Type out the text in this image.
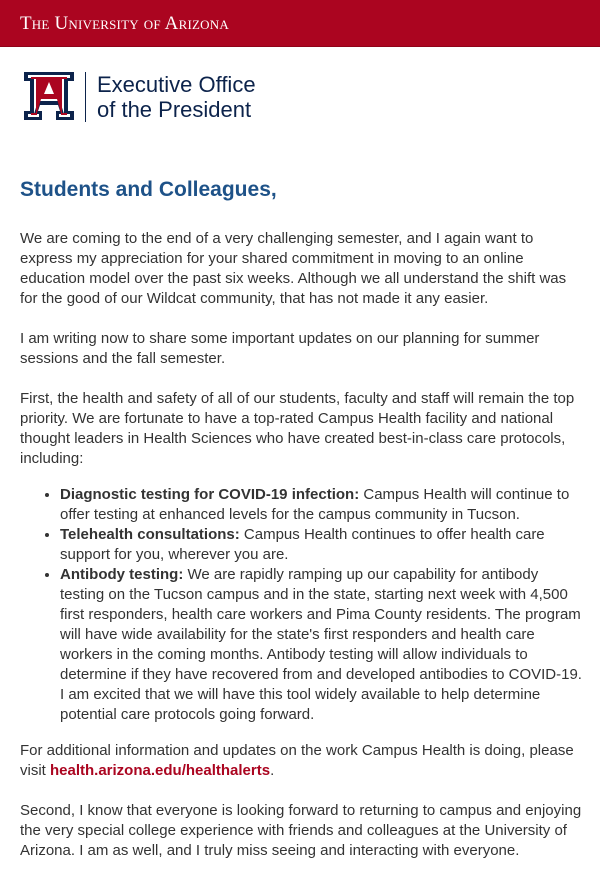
The University of Arizona
Executive Office
of the President
Students and Colleagues,

We are coming to the end of a very challenging semester, and I again want to express my appreciation for your shared commitment in moving to an online education model over the past six weeks. Although we all understand the shift was for the good of our Wildcat community, that has not made it any easier.

I am writing now to share some important updates on our planning for summer sessions and the fall semester.

First, the health and safety of all of our students, faculty and staff will remain the top priority. We are fortunate to have a top-rated Campus Health facility and national thought leaders in Health Sciences who have created best-in-class care protocols, including:

• Diagnostic testing for COVID-19 infection: Campus Health will continue to offer testing at enhanced levels for the campus community in Tucson.
• Telehealth consultations: Campus Health continues to offer health care support for you, wherever you are.
• Antibody testing: We are rapidly ramping up our capability for antibody testing on the Tucson campus and in the state, starting next week with 4,500 first responders, health care workers and Pima County residents. The program will have wide availability for the state's first responders and health care workers in the coming months. Antibody testing will allow individuals to determine if they have recovered from and developed antibodies to COVID-19. I am excited that we will have this tool widely available to help determine potential care protocols going forward.

For additional information and updates on the work Campus Health is doing, please visit health.arizona.edu/healthalerts.

Second, I know that everyone is looking forward to returning to campus and enjoying the very special college experience with friends and colleagues at the University of Arizona. I am as well, and I truly miss seeing and interacting with everyone.
